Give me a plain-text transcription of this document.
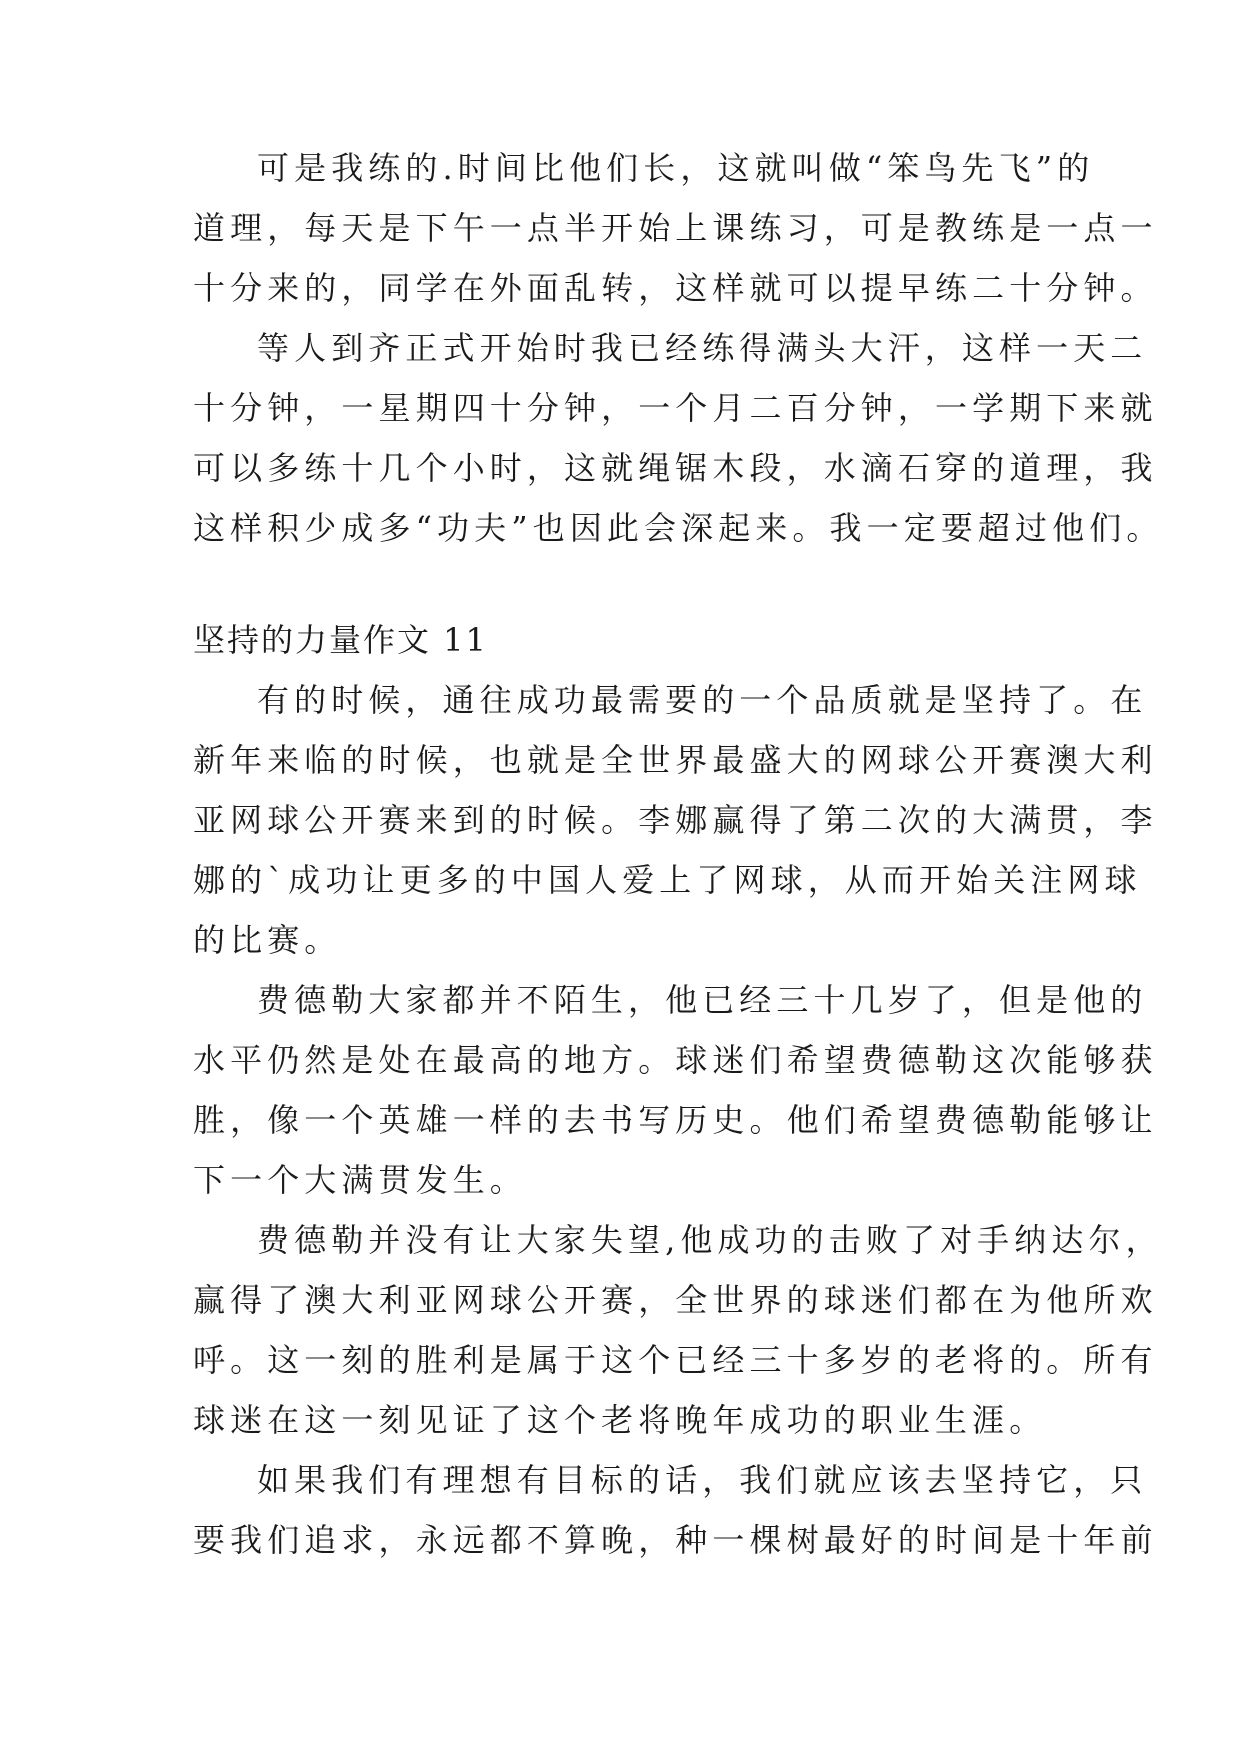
可是我练的.时间比他们长，这就叫做“笨鸟先飞”的
道理，每天是下午一点半开始上课练习，可是教练是一点一
十分来的，同学在外面乱转，这样就可以提早练二十分钟。
等人到齐正式开始时我已经练得满头大汗，这样一天二
十分钟，一星期四十分钟，一个月二百分钟，一学期下来就
可以多练十几个小时，这就绳锯木段，水滴石穿的道理，我
这样积少成多“功夫”也因此会深起来。我一定要超过他们。
坚持的力量作文 11
有的时候，通往成功最需要的一个品质就是坚持了。在
新年来临的时候，也就是全世界最盛大的网球公开赛澳大利
亚网球公开赛来到的时候。李娜赢得了第二次的大满贯，李
娜的`成功让更多的中国人爱上了网球，从而开始关注网球
的比赛。
费德勒大家都并不陌生，他已经三十几岁了，但是他的
水平仍然是处在最高的地方。球迷们希望费德勒这次能够获
胜，像一个英雄一样的去书写历史。他们希望费德勒能够让
下一个大满贯发生。
费德勒并没有让大家失望,他成功的击败了对手纳达尔，
赢得了澳大利亚网球公开赛，全世界的球迷们都在为他所欢
呼。这一刻的胜利是属于这个已经三十多岁的老将的。所有
球迷在这一刻见证了这个老将晚年成功的职业生涯。
如果我们有理想有目标的话，我们就应该去坚持它，只
要我们追求，永远都不算晚，种一棵树最好的时间是十年前
